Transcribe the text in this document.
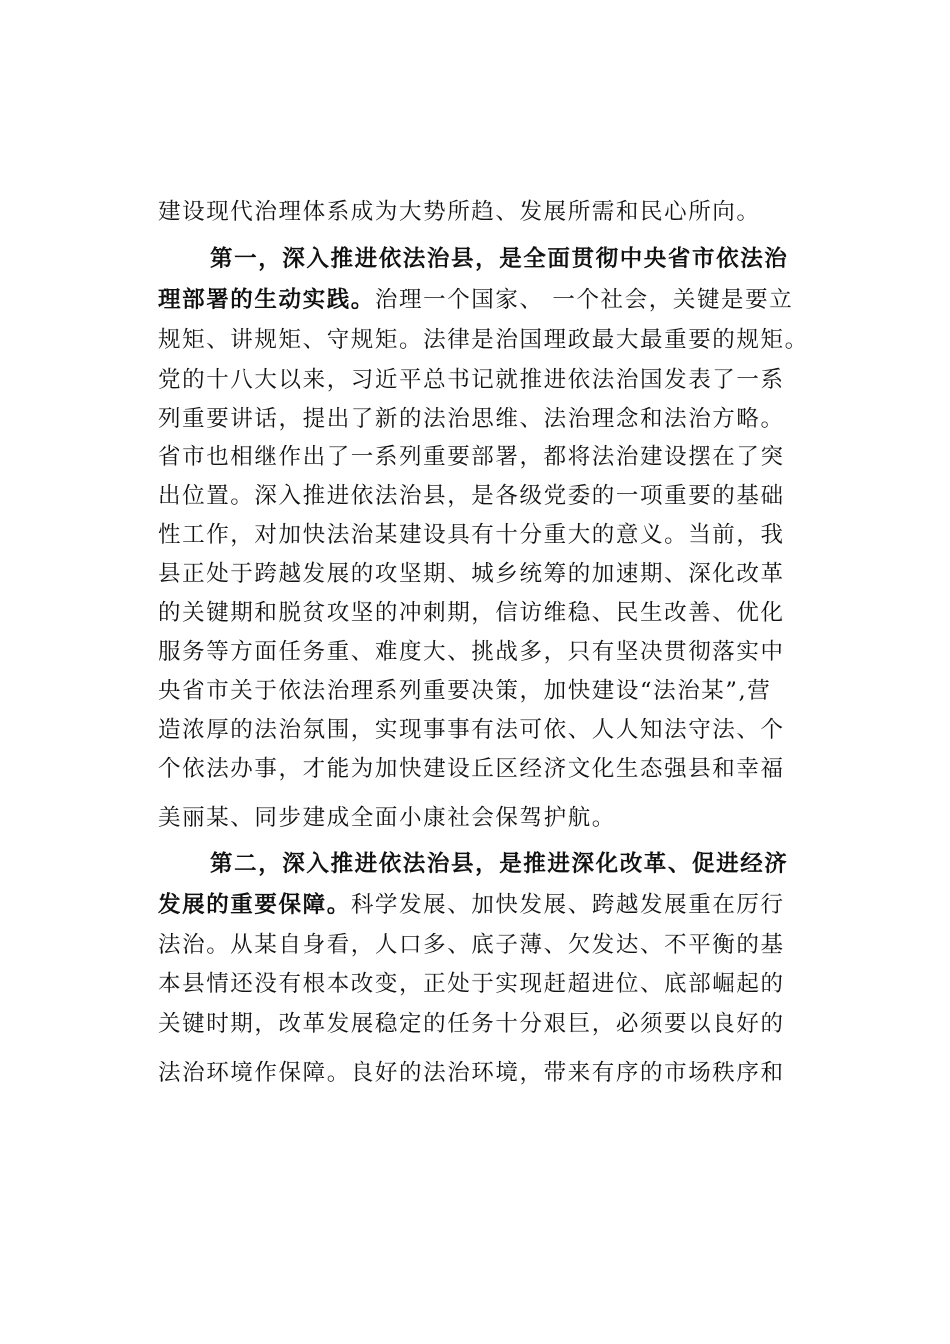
建设现代治理体系成为大势所趋、发展所需和民心所向。
第一，深入推进依法治县，是全面贯彻中央省市依法治
理部署的生动实践。治理一个国家、 一个社会，关键是要立
规矩、讲规矩、守规矩。法律是治国理政最大最重要的规矩。
党的十八大以来，习近平总书记就推进依法治国发表了一系
列重要讲话，提出了新的法治思维、法治理念和法治方略。
省市也相继作出了一系列重要部署，都将法治建设摆在了突
出位置。深入推进依法治县，是各级党委的一项重要的基础
性工作，对加快法治某建设具有十分重大的意义。当前，我
县正处于跨越发展的攻坚期、城乡统筹的加速期、深化改革
的关键期和脱贫攻坚的冲刺期，信访维稳、民生改善、优化
服务等方面任务重、难度大、挑战多，只有坚决贯彻落实中
央省市关于依法治理系列重要决策，加快建设“法治某”,营
造浓厚的法治氛围，实现事事有法可依、人人知法守法、个
个依法办事，才能为加快建设丘区经济文化生态强县和幸福
美丽某、同步建成全面小康社会保驾护航。
第二，深入推进依法治县，是推进深化改革、促进经济
发展的重要保障。科学发展、加快发展、跨越发展重在厉行
法治。从某自身看，人口多、底子薄、欠发达、不平衡的基
本县情还没有根本改变，正处于实现赶超进位、底部崛起的
关键时期，改革发展稳定的任务十分艰巨，必须要以良好的
法治环境作保障。良好的法治环境，带来有序的市场秩序和
